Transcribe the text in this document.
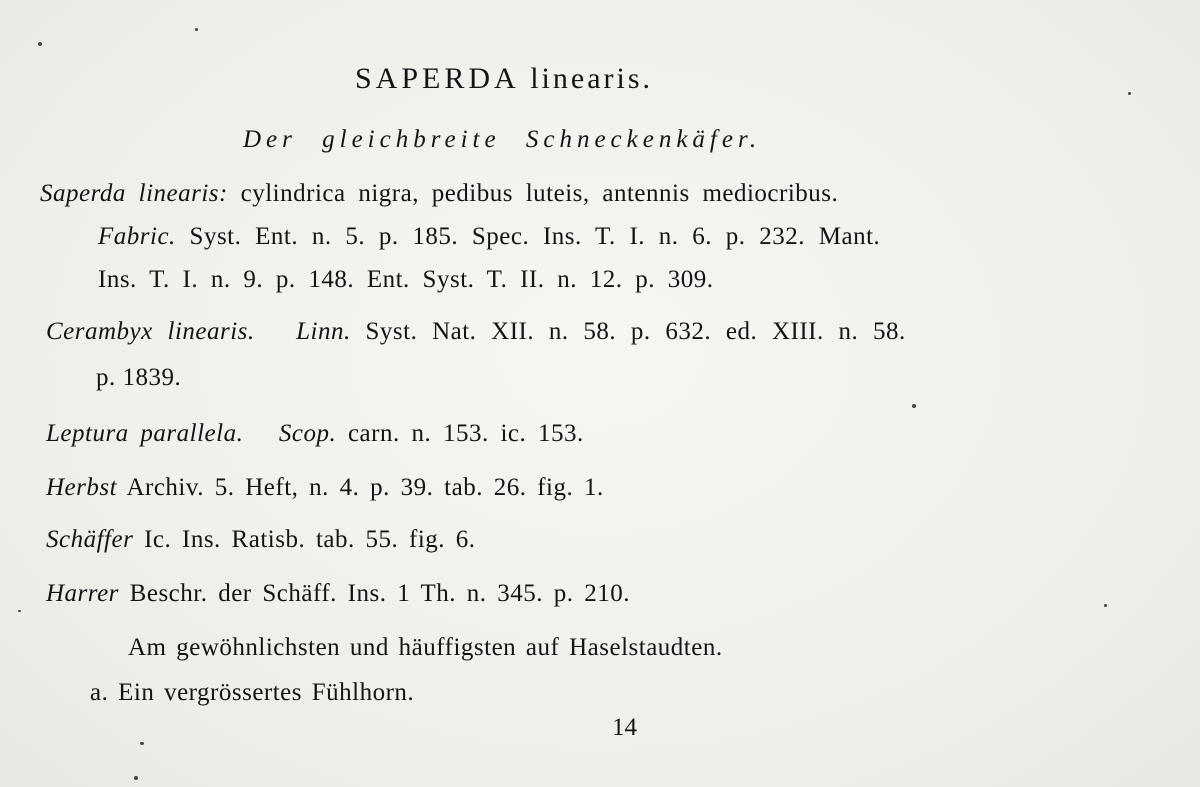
SAPERDA linearis.
Der gleichbreite Schneckenkäfer.
Saperda linearis: cylindrica nigra, pedibus luteis, antennis mediocribus.
Fabric. Syst. Ent. n. 5. p. 185. Spec. Ins. T. I. n. 6. p. 232. Mant.
Ins. T. I. n. 9. p. 148. Ent. Syst. T. II. n. 12. p. 309.
Cerambyx linearis. Linn. Syst. Nat. XII. n. 58. p. 632. ed. XIII. n. 58.
p. 1839.
Leptura parallela. Scop. carn. n. 153. ic. 153.
Herbst Archiv. 5. Heft, n. 4. p. 39. tab. 26. fig. 1.
Schäffer Ic. Ins. Ratisb. tab. 55. fig. 6.
Harrer Beschr. der Schäff. Ins. 1 Th. n. 345. p. 210.
Am gewöhnlichsten und häuffigsten auf Haselstaudten.
a. Ein vergrössertes Fühlhorn.
14
